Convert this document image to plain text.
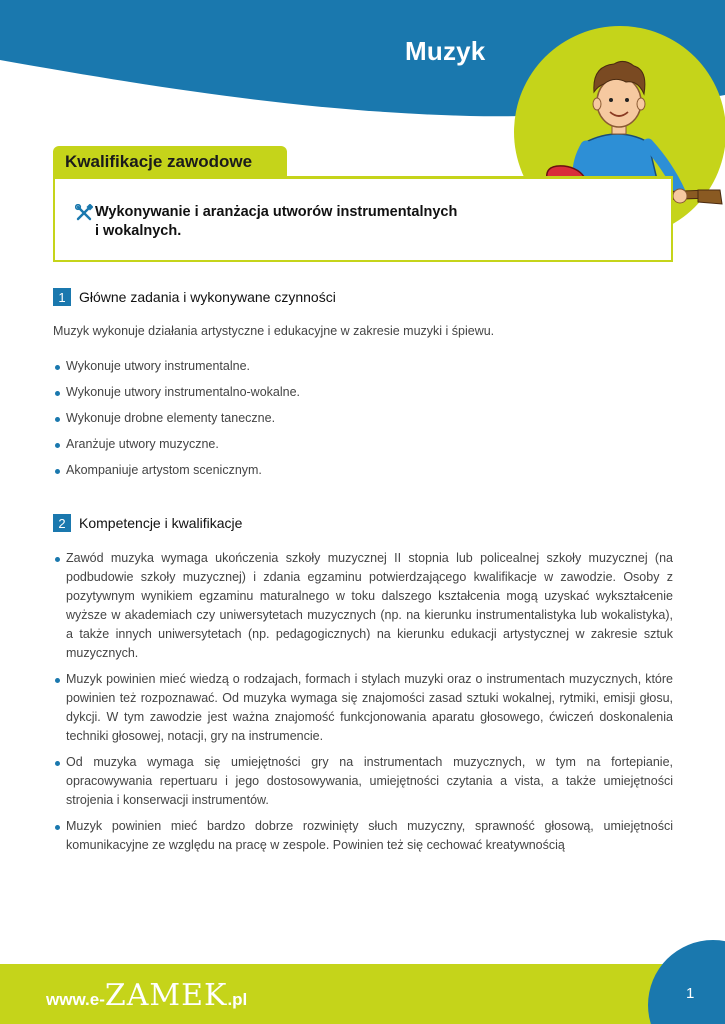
Muzyk
Kwalifikacje zawodowe
Wykonywanie i aranżacja utworów instrumentalnych
i wokalnych.
1 Główne zadania i wykonywane czynności
Muzyk wykonuje działania artystyczne i edukacyjne w zakresie muzyki i śpiewu.
Wykonuje utwory instrumentalne.
Wykonuje utwory instrumentalno-wokalne.
Wykonuje drobne elementy taneczne.
Aranżuje utwory muzyczne.
Akompaniuje artystom scenicznym.
2 Kompetencje i kwalifikacje
Zawód muzyka wymaga ukończenia szkoły muzycznej II stopnia lub policealnej szkoły muzycznej (na podbudowie szkoły muzycznej) i zdania egzaminu potwierdzającego kwalifikacje w zawodzie. Osoby z pozytywnym wynikiem egzaminu maturalnego w toku dalszego kształcenia mogą uzyskać wykształcenie wyższe w akademiach czy uniwersytetach muzycznych (np. na kierunku instrumentalistyka lub wokalistyka), a także innych uniwersytetach (np. pedagogicznych) na kierunku edukacji artystycznej w zakresie sztuk muzycznych.
Muzyk powinien mieć wiedzą o rodzajach, formach i stylach muzyki oraz o instrumentach muzycznych, które powinien też rozpoznawać. Od muzyka wymaga się znajomości zasad sztuki wokalnej, rytmiki, emisji głosu, dykcji. W tym zawodzie jest ważna znajomość funkcjonowania aparatu głosowego, ćwiczeń doskonalenia techniki głosowej, notacji, gry na instrumencie.
Od muzyka wymaga się umiejętności gry na instrumentach muzycznych, w tym na fortepianie, opracowywania repertuaru i jego dostosowywania, umiejętności czytania a vista, a także umiejętności strojenia i konserwacji instrumentów.
Muzyk powinien mieć bardzo dobrze rozwinięty słuch muzyczny, sprawność głosową, umiejętności komunikacyjne ze względu na pracę w zespole. Powinien też się cechować kreatywnością
1
www.e- ZAMEK .pl
